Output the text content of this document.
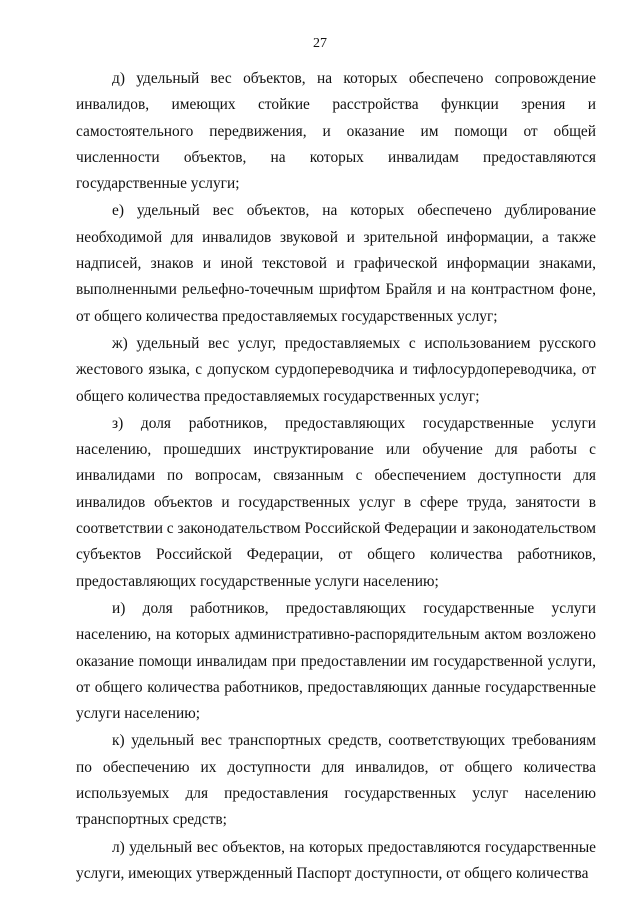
27

д) удельный вес объектов, на которых обеспечено сопровождение инвалидов, имеющих стойкие расстройства функции зрения и самостоятельного передвижения, и оказание им помощи от общей численности объектов, на которых инвалидам предоставляются государственные услуги;

е) удельный вес объектов, на которых обеспечено дублирование необходимой для инвалидов звуковой и зрительной информации, а также надписей, знаков и иной текстовой и графической информации знаками, выполненными рельефно-точечным шрифтом Брайля и на контрастном фоне, от общего количества предоставляемых государственных услуг;

ж) удельный вес услуг, предоставляемых с использованием русского жестового языка, с допуском сурдопереводчика и тифлосурдопереводчика, от общего количества предоставляемых государственных услуг;

з) доля работников, предоставляющих государственные услуги населению, прошедших инструктирование или обучение для работы с инвалидами по вопросам, связанным с обеспечением доступности для инвалидов объектов и государственных услуг в сфере труда, занятости в соответствии с законодательством Российской Федерации и законодательством субъектов Российской Федерации, от общего количества работников, предоставляющих государственные услуги населению;

и) доля работников, предоставляющих государственные услуги населению, на которых административно-распорядительным актом возложено оказание помощи инвалидам при предоставлении им государственной услуги, от общего количества работников, предоставляющих данные государственные услуги населению;

к) удельный вес транспортных средств, соответствующих требованиям по обеспечению их доступности для инвалидов, от общего количества используемых для предоставления государственных услуг населению транспортных средств;

л) удельный вес объектов, на которых предоставляются государственные услуги, имеющих утвержденный Паспорт доступности, от общего количества
